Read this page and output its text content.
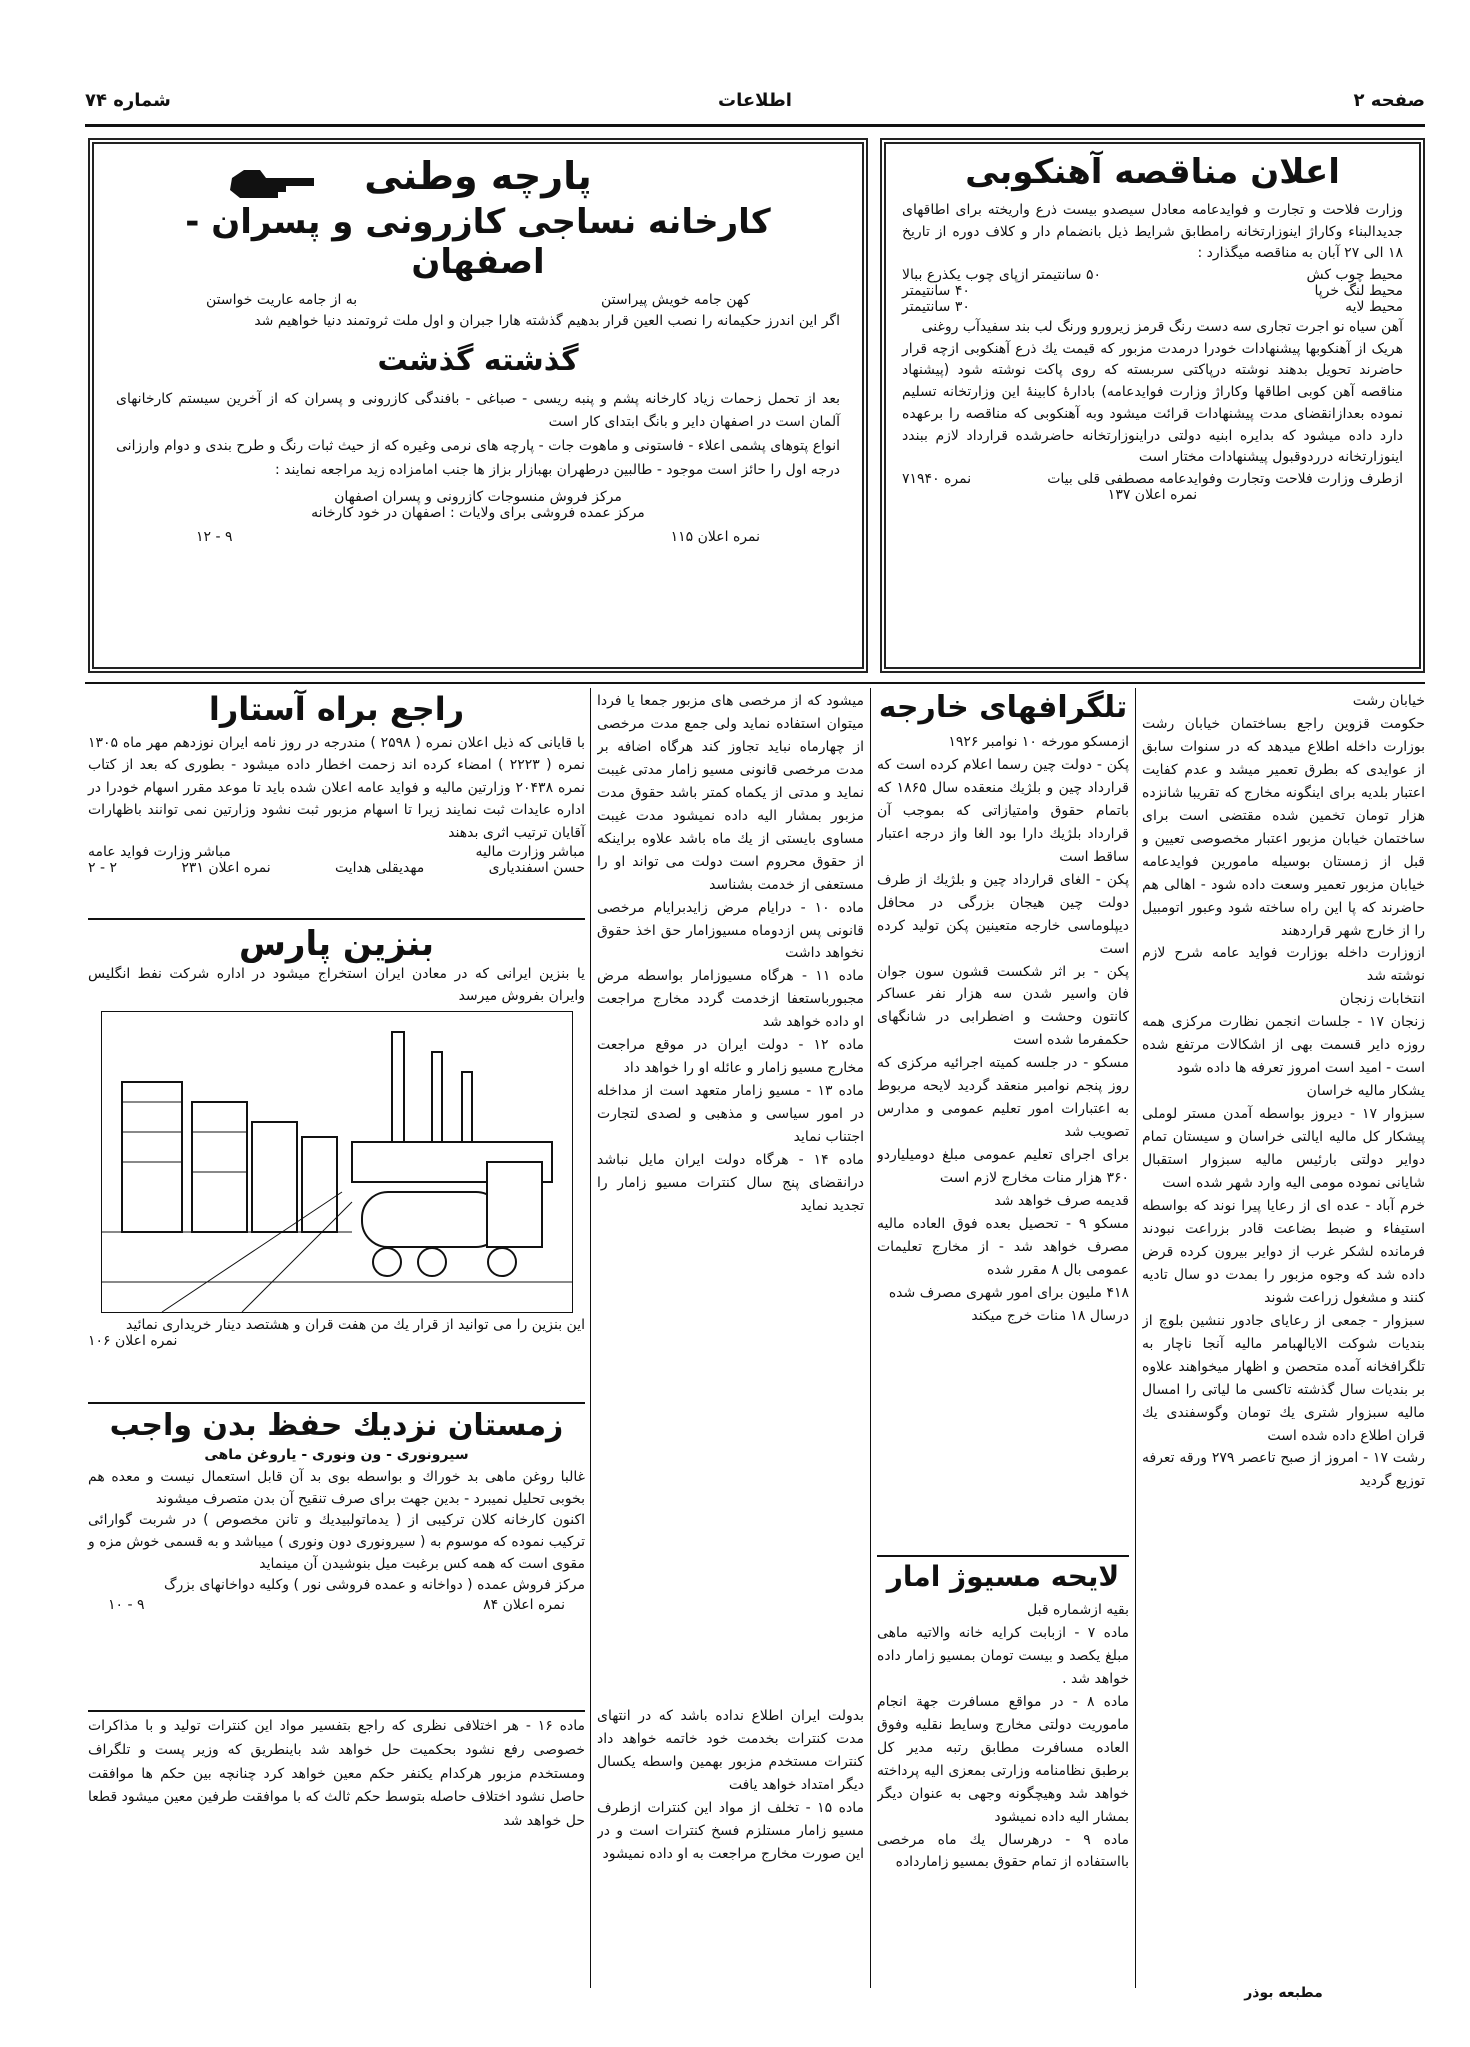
صفحه ۲
اطلاعات
شماره ۷۴
اعلان مناقصه آهنکوبی

وزارت فلاحت و تجارت و فوایدعامه معادل سیصدو بیست ذرع واریخته برای اطاقهای جدیدالبناء وکاراژ اینوزارتخانه رامطابق شرایط ذیل بانضمام دار و کلاف دوره از تاریخ ۱۸ الی ۲۷ آبان به مناقصه میگذارد :

محیط چوب کش
۵۰ سانتیمتر ازپای چوب یکذرع ببالا
محیط لنگ خرپا
۴۰ سانتیمتر
محیط لایه
۳۰ سانتیمتر

آهن سیاه نو اجرت تجاری سه دست رنگ قرمز زیرورو ورنگ لب بند سفیدآب روغنی
هریک از آهنکوبها پیشنهادات خودرا درمدت مزبور که قیمت یك ذرع آهنکوبی ازچه قرار حاضرند تحویل بدهند نوشته درپاکتی سربسته که روی پاکت نوشته شود (پیشنهاد مناقصه آهن کوبی اطاقها وکاراژ وزارت فوایدعامه) بادارۀ کابینۀ این وزارتخانه تسلیم نموده بعدازانقضای مدت پیشنهادات قرائت میشود وبه آهنکوبی که مناقصه را برعهده دارد داده میشود که بدایره ابنیه دولتی دراینوزارتخانه حاضرشده قرارداد لازم ببندد اینوزارتخانه درردوقبول پیشنهادات مختار است

ازطرف وزارت فلاحت وتجارت وفوایدعامه مصطفی قلی بیات
نمره ۷۱۹۴۰
نمره اعلان ۱۳۷
پارچه وطنی
کارخانه نساجی کازرونی و پسران - اصفهان
کهن جامه خویش پیراستن
به از جامه عاریت خواستن

اگر این اندرز حکیمانه را نصب العین قرار بدهیم گذشته هارا جبران و اول ملت ثروتمند دنیا خواهیم شد

گذشته گذشت

بعد از تحمل زحمات زیاد کارخانه پشم و پنبه ریسی - صباغی - بافندگی کازرونی و پسران که از آخرین سیستم کارخانهای آلمان است در اصفهان دایر و بانگ ابتدای کار است
انواع پتوهای پشمی اعلاء - فاستونی و ماهوت جات - پارچه های نرمی وغیره که از حیث ثبات رنگ و طرح بندی و دوام وارزانی درجه اول را حائز است موجود - طالبین درطهران بهبازار بزاز ها جنب امامزاده زید مراجعه نمایند :

مرکز فروش منسوجات کازرونی و پسران اصفهان
مرکز عمده فروشی برای ولایات : اصفهان در خود کارخانه
نمره اعلان ۱۱۵
۹ - ۱۲

خیابان رشت
حکومت قزوین راجع بساختمان خیابان رشت بوزارت داخله اطلاع میدهد که در سنوات سابق از عوایدی که بطرق تعمیر میشد و عدم کفایت اعتبار بلدیه برای اینگونه مخارج که تقریبا شانزده هزار تومان تخمین شده مقتضی است برای ساختمان خیابان مزبور اعتبار مخصوصی تعیین و قبل از زمستان بوسیله مامورین فوایدعامه خیابان مزبور تعمیر وسعت داده شود - اهالی هم حاضرند که پا این راه ساخته شود وعبور اتومبیل را از خارج شهر قراردهند
ازوزارت داخله بوزارت فواید عامه شرح لازم نوشته شد
انتخابات زنجان
زنجان ۱۷ - جلسات انجمن نظارت مرکزی همه روزه دایر قسمت بهی از اشکالات مرتفع شده است - امید است امروز تعرفه ها داده شود
یشکار مالیه خراسان
سبزوار ۱۷ - دیروز بواسطه آمدن مستر لوملی پیشکار کل مالیه ایالتی خراسان و سیستان تمام دوایر دولتی بارئیس مالیه سبزوار استقبال شایانی نموده مومی الیه وارد شهر شده است
خرم آباد - عده ای از رعایا پیرا نوند که بواسطه استیفاء و ضبط بضاعت قادر بزراعت نبودند فرمانده لشکر غرب از دوایر بیرون کرده قرض داده شد که وجوه مزبور را بمدت دو سال تادیه کنند و مشغول زراعت شوند
سبزوار - جمعی از رعایای جادور ننشین بلوچ از بندیات شوکت الایالهبامر مالیه آنجا ناچار به تلگرافخانه آمده متحصن و اظهار میخواهند علاوه بر بندیات سال گذشته تاکسی ما لیاتی را امسال مالیه سبزوار شتری یك تومان وگوسفندی یك قران اطلاع داده شده است
رشت ۱۷ - امروز از صبح تاعصر ۲۷۹ ورقه تعرفه توزیع گردید

مطبعه بوذر
تلگرافهای خارجه

ازمسکو مورخه ۱۰ نوامبر ۱۹۲۶
پکن - دولت چین رسما اعلام کرده است که قرارداد چین و بلژیك منعقده سال ۱۸۶۵ که باتمام حقوق وامتیازاتی که بموجب آن قرارداد بلژیك دارا بود الغا واز درجه اعتبار ساقط است
پکن - الغای قرارداد چین و بلژیك از طرف دولت چین هیجان بزرگی در محافل دیپلوماسی خارجه متعینین پکن تولید کرده است
پکن - بر اثر شکست قشون سون جوان فان واسیر شدن سه هزار نفر عساکر کانتون وحشت و اضطرابی در شانگهای حکمفرما شده است
مسکو - در جلسه کمیته اجرائیه مرکزی که روز پنجم نوامبر منعقد گردید لایحه مربوط به اعتبارات امور تعلیم عمومی و مدارس تصویب شد
برای اجرای تعلیم عمومی مبلغ دومیلیاردو ۳۶۰ هزار منات مخارج لازم است
قدیمه صرف خواهد شد
مسکو ۹ - تحصیل بعده فوق العاده مالیه مصرف خواهد شد - از مخارج تعلیمات عمومی بال ۸ مقرر شده
۴۱۸ ملیون برای امور شهری مصرف شده
درسال ۱۸ منات خرج میکند

لایحه مسیوژ امار

بقیه ازشماره قبل
ماده ۷ - ازبابت کرایه خانه والاتیه ماهی مبلغ یکصد و بیست تومان بمسیو زامار داده خواهد شد .
ماده ۸ - در مواقع مسافرت جهة انجام ماموریت دولتی مخارج وسایط نقلیه وفوق العاده مسافرت مطابق رتبه مدیر کل برطبق نظامنامه وزارتی بمعزی الیه پرداخته خواهد شد وهیچگونه وجهی به عنوان دیگر بمشار الیه داده نمیشود
ماده ۹ - درهرسال یك ماه مرخصی بااستفاده از تمام حقوق بمسیو زامارداده

میشود که از مرخصی های مزبور جمعا یا فردا میتوان استفاده نماید ولی جمع مدت مرخصی از چهارماه نباید تجاوز کند هرگاه اضافه بر مدت مرخصی قانونی مسیو زامار مدتی غیبت نماید و مدتی از یکماه کمتر باشد حقوق مدت مزبور بمشار الیه داده نمیشود مدت غیبت مساوی بایستی از یك ماه باشد علاوه براینکه از حقوق محروم است دولت می تواند او را مستعفی از خدمت بشناسد
ماده ۱۰ - درایام مرض زایدبرایام مرخصی قانونی پس ازدوماه مسیوزامار حق اخذ حقوق نخواهد داشت
ماده ۱۱ - هرگاه مسیوزامار بواسطه مرض مجبورباستعفا ازخدمت گردد مخارج مراجعت او داده خواهد شد
ماده ۱۲ - دولت ایران در موقع مراجعت مخارج مسیو زامار و عائله او را خواهد داد
ماده ۱۳ - مسیو زامار متعهد است از مداخله در امور سیاسی و مذهبی و لصدی لتجارت اجتناب نماید
ماده ۱۴ - هرگاه دولت ایران مایل نباشد درانقضای پنج سال کنترات مسیو زامار را تجدید نماید

بدولت ایران اطلاع نداده باشد که در انتهای مدت کنترات بخدمت خود خاتمه خواهد داد کنترات مستخدم مزبور بهمین واسطه یکسال دیگر امتداد خواهد یافت
ماده ۱۵ - تخلف از مواد این کنترات ازطرف مسیو زامار مستلزم فسخ کنترات است و در این صورت مخارج مراجعت به او داده نمیشود

راجع براه آستارا

با قایانی که ذیل اعلان نمره ( ۲۵۹۸ ) مندرجه در روز نامه ایران نوزدهم مهر ماه ۱۳۰۵ نمره ( ۲۲۲۳ ) امضاء کرده اند زحمت اخطار داده میشود - بطوری که بعد از کتاب نمره ۲۰۴۳۸ وزارتین مالیه و فواید عامه اعلان شده باید تا موعد مقرر اسهام خودرا در اداره عایدات ثبت نمایند زیرا تا اسهام مزبور ثبت نشود وزارتین نمی توانند باظهارات آقایان ترتیب اثری بدهند

مباشر وزارت مالیه
مباشر وزارت فواید عامه
حسن اسفندیاری
مهدیقلی هدایت
نمره اعلان ۲۳۱
۲ - ۲
بنزین پارس

یا بنزین ایرانی که در معادن ایران استخراج میشود در اداره شرکت نفط انگلیس وایران بفروش میرسد

این بنزین را می توانید از قرار یك من هفت قران و هشتصد دینار خریداری نمائید
نمره اعلان ۱۰۶
زمستان نزدیك حفظ بدن واجب
سیرونوری - ون ونوری - یاروغن ماهی

غالبا روغن ماهی بد خوراك و بواسطه بوی بد آن قابل استعمال نیست و معده هم بخوبی تحلیل نمیبرد - بدین جهت برای صرف تنقیح آن بدن متصرف میشوند
اکنون کارخانه کلان ترکیبی از ( یدماتولبیدیك و تانن مخصوص ) در شربت گوارائی ترکیب نموده که موسوم به ( سیرونوری دون ونوری ) میباشد و به قسمی خوش مزه و مقوی است که همه کس برغبت میل بنوشیدن آن مینماید
مرکز فروش عمده ( دواخانه و عمده فروشی نور ) وکلیه دواخانهای بزرگ

نمره اعلان ۸۴
۹ - ۱۰

ماده ۱۶ - هر اختلافی نظری که راجع بتفسیر مواد این کنترات تولید و با مذاکرات خصوصی رفع نشود بحکمیت حل خواهد شد باینطریق که وزیر پست و تلگراف ومستخدم مزبور هرکدام یکنفر حکم معین خواهد کرد چنانچه بین حکم ها موافقت حاصل نشود اختلاف حاصله بتوسط حکم ثالث که با موافقت طرفین معین میشود قطعا حل خواهد شد
